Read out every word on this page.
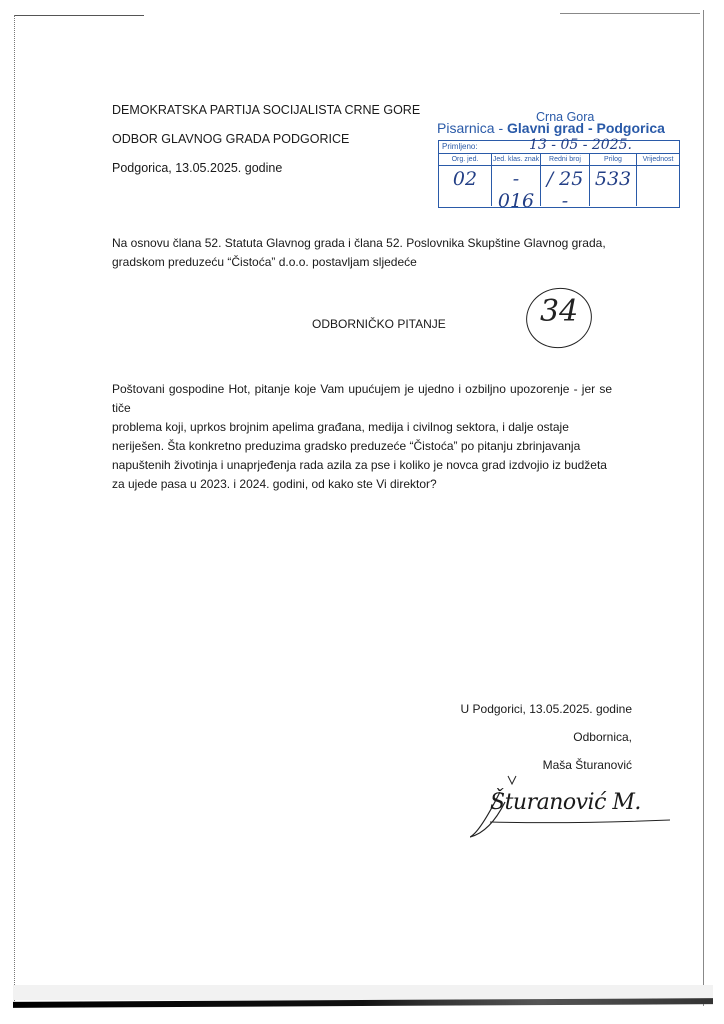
DEMOKRATSKA PARTIJA SOCIJALISTA CRNE GORE
ODBOR GLAVNOG GRADA PODGORICE
Podgorica, 13.05.2025. godine
Crna Gora
Pisarnica - Glavni grad - Podgorica
Primljeno:	13 - 05 - 2025.
Org. jed.
02
Jed. klas. znak
- 016
Redni broj
/ 25 -
Prilog
533
Vrijednost
Na osnovu člana 52. Statuta Glavnog grada i člana 52. Poslovnika Skupštine Glavnog grada,
gradskom preduzeću “Čistoća” d.o.o. postavljam sljedeće
ODBORNIČKO PITANJE	34
Poštovani gospodine Hot, pitanje koje Vam upućujem je ujedno i ozbiljno upozorenje - jer se tiče
problema koji, uprkos brojnim apelima građana, medija i civilnog sektora, i dalje ostaje
neriješen. Šta konkretno preduzima gradsko preduzeće “Čistoća” po pitanju zbrinjavanja
napuštenih životinja i unaprjeđenja rada azila za pse i koliko je novca grad izdvojio iz budžeta
za ujede pasa u 2023. i 2024. godini, od kako ste Vi direktor?
U Podgorici, 13.05.2025. godine
Odbornica,
Maša Šturanović
Šturanović M.
